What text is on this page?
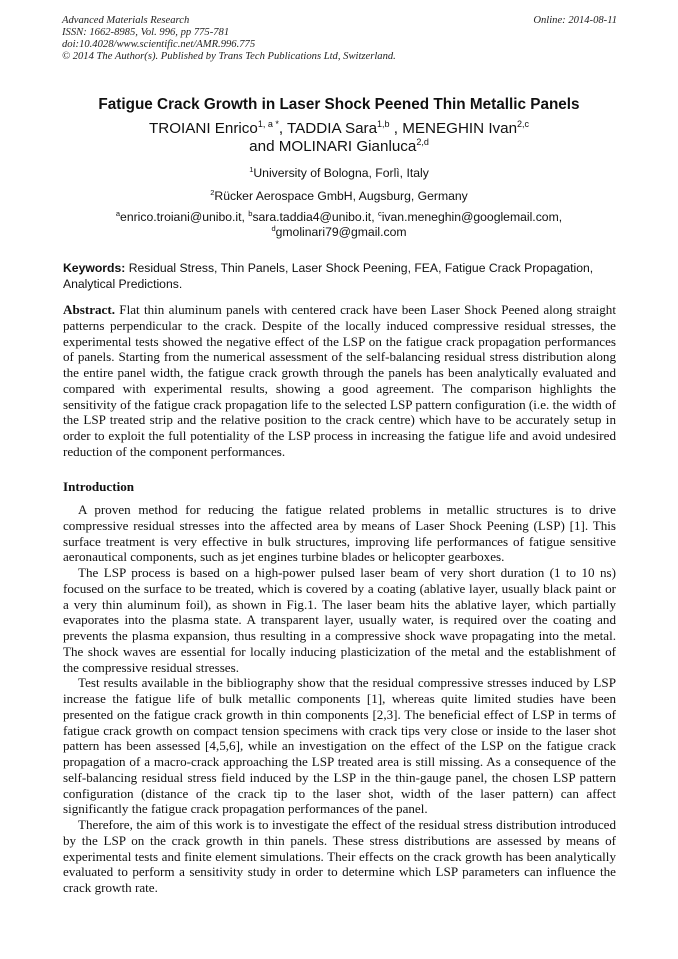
Advanced Materials Research
ISSN: 1662-8985, Vol. 996, pp 775-781
doi:10.4028/www.scientific.net/AMR.996.775
© 2014 The Author(s). Published by Trans Tech Publications Ltd, Switzerland.
Online: 2014-08-11
Fatigue Crack Growth in Laser Shock Peened Thin Metallic Panels
TROIANI Enrico$^{1, a *}$, TADDIA Sara$^{1,b}$ , MENEGHIN Ivan$^{2,c}$
and MOLINARI Gianluca$^{2,d}$
$^1$University of Bologna, Forlì, Italy
$^2$Rücker Aerospace GmbH, Augsburg, Germany
$^a$enrico.troiani@unibo.it, $^b$sara.taddia4@unibo.it, $^c$ivan.meneghin@googlemail.com,
$^d$gmolinari79@gmail.com
Keywords: Residual Stress, Thin Panels, Laser Shock Peening, FEA, Fatigue Crack Propagation, Analytical Predictions.

Abstract. Flat thin aluminum panels with centered crack have been Laser Shock Peened along straight patterns perpendicular to the crack. Despite of the locally induced compressive residual stresses, the experimental tests showed the negative effect of the LSP on the fatigue crack propagation performances of panels. Starting from the numerical assessment of the self-balancing residual stress distribution along the entire panel width, the fatigue crack growth through the panels has been analytically evaluated and compared with experimental results, showing a good agreement. The comparison highlights the sensitivity of the fatigue crack propagation life to the selected LSP pattern configuration (i.e. the width of the LSP treated strip and the relative position to the crack centre) which have to be accurately setup in order to exploit the full potentiality of the LSP process in increasing the fatigue life and avoid undesired reduction of the component performances.

Introduction

A proven method for reducing the fatigue related problems in metallic structures is to drive compressive residual stresses into the affected area by means of Laser Shock Peening (LSP) [1]. This surface treatment is very effective in bulk structures, improving life performances of fatigue sensitive aeronautical components, such as jet engines turbine blades or helicopter gearboxes.

The LSP process is based on a high-power pulsed laser beam of very short duration (1 to 10 ns) focused on the surface to be treated, which is covered by a coating (ablative layer, usually black paint or a very thin aluminum foil), as shown in Fig.1. The laser beam hits the ablative layer, which partially evaporates into the plasma state. A transparent layer, usually water, is required over the coating and prevents the plasma expansion, thus resulting in a compressive shock wave propagating into the metal. The shock waves are essential for locally inducing plasticization of the metal and the establishment of the compressive residual stresses.

Test results available in the bibliography show that the residual compressive stresses induced by LSP increase the fatigue life of bulk metallic components [1], whereas quite limited studies have been presented on the fatigue crack growth in thin components [2,3]. The beneficial effect of LSP in terms of fatigue crack growth on compact tension specimens with crack tips very close or inside to the laser shot pattern has been assessed [4,5,6], while an investigation on the effect of the LSP on the fatigue crack propagation of a macro-crack approaching the LSP treated area is still missing. As a consequence of the self-balancing residual stress field induced by the LSP in the thin-gauge panel, the chosen LSP pattern configuration (distance of the crack tip to the laser shot, width of the laser pattern) can affect significantly the fatigue crack propagation performances of the panel.

Therefore, the aim of this work is to investigate the effect of the residual stress distribution introduced by the LSP on the crack growth in thin panels. These stress distributions are assessed by means of experimental tests and finite element simulations. Their effects on the crack growth has been analytically evaluated to perform a sensitivity study in order to determine which LSP parameters can influence the crack growth rate.
